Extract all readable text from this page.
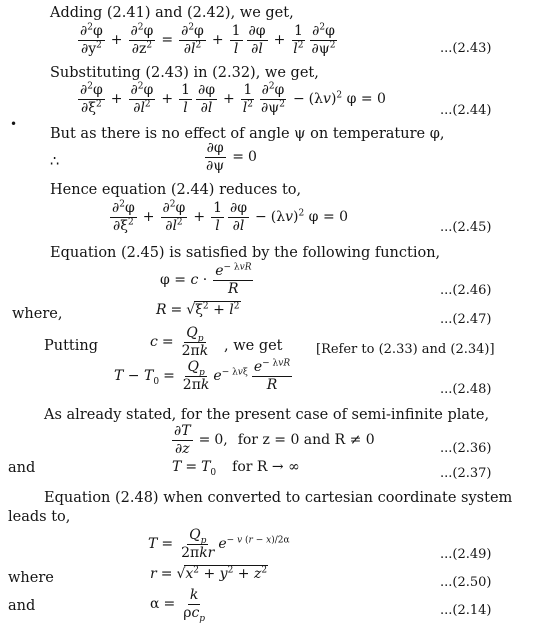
Adding (2.41) and (2.42), we get,
$\frac{\partial^2\varphi}{\partial y^2} + \frac{\partial^2\varphi}{\partial z^2} = \frac{\partial^2\varphi}{\partial l^2} + \frac{1}{l} \frac{\partial\varphi}{\partial l} + \frac{1}{l^2} \frac{\partial^2\varphi}{\partial\psi^2}$	...(2.43)
Substituting (2.43) in (2.32), we get,
$\frac{\partial^2\varphi}{\partial\xi^2} + \frac{\partial^2\varphi}{\partial l^2} + \frac{1}{l} \frac{\partial\varphi}{\partial l} + \frac{1}{l^2} \frac{\partial^2\varphi}{\partial\psi^2} - (\lambda v)^2$ φ = 0
...(2.44)
•
But as there is no effect of angle ψ on temperature φ,
∴	$\frac{\partial\varphi}{\partial\psi} = 0$
Hence equation (2.44) reduces to,
$\frac{\partial^2\varphi}{\partial\xi^2} + \frac{\partial^2\varphi}{\partial l^2} + \frac{1}{l} \frac{\partial\varphi}{\partial l} - (\lambda v)^2$ φ = 0
...(2.45)
Equation (2.45) is satisfied by the following function,
$\varphi = c \cdot \frac{e^{- \lambda vR}}{R}$	...(2.46)
where,	R = √ $\xi^2 + l^2$
...(2.47)
Putting	$c = \frac{Q_p}{2\pi k}$ , we get	[Refer to (2.33) and (2.34)]
$T - T_0 = \frac{Q_p}{2\pi k} e^{- \lambda v\xi} \frac{e^{- \lambda vR}}{R}$	...(2.48)
As already stated, for the present case of semi-infinite plate,
$\frac{\partial T}{\partial z} = 0$, for z = 0 and R ≠ 0
...(2.36)
and	$T = T_0$ for R → ∞	...(2.37)
Equation (2.48) when converted to cartesian coordinate system
leads to,
$T = \frac{Q_p}{\text{2πkr}} e^{- v (r - x)/2\alpha}$
...(2.49)
where	r = √ $x^2 + y^2 + z^2$
...(2.50)
and	$\alpha = \frac{k}{\rho c_p}$	...(2.14)
